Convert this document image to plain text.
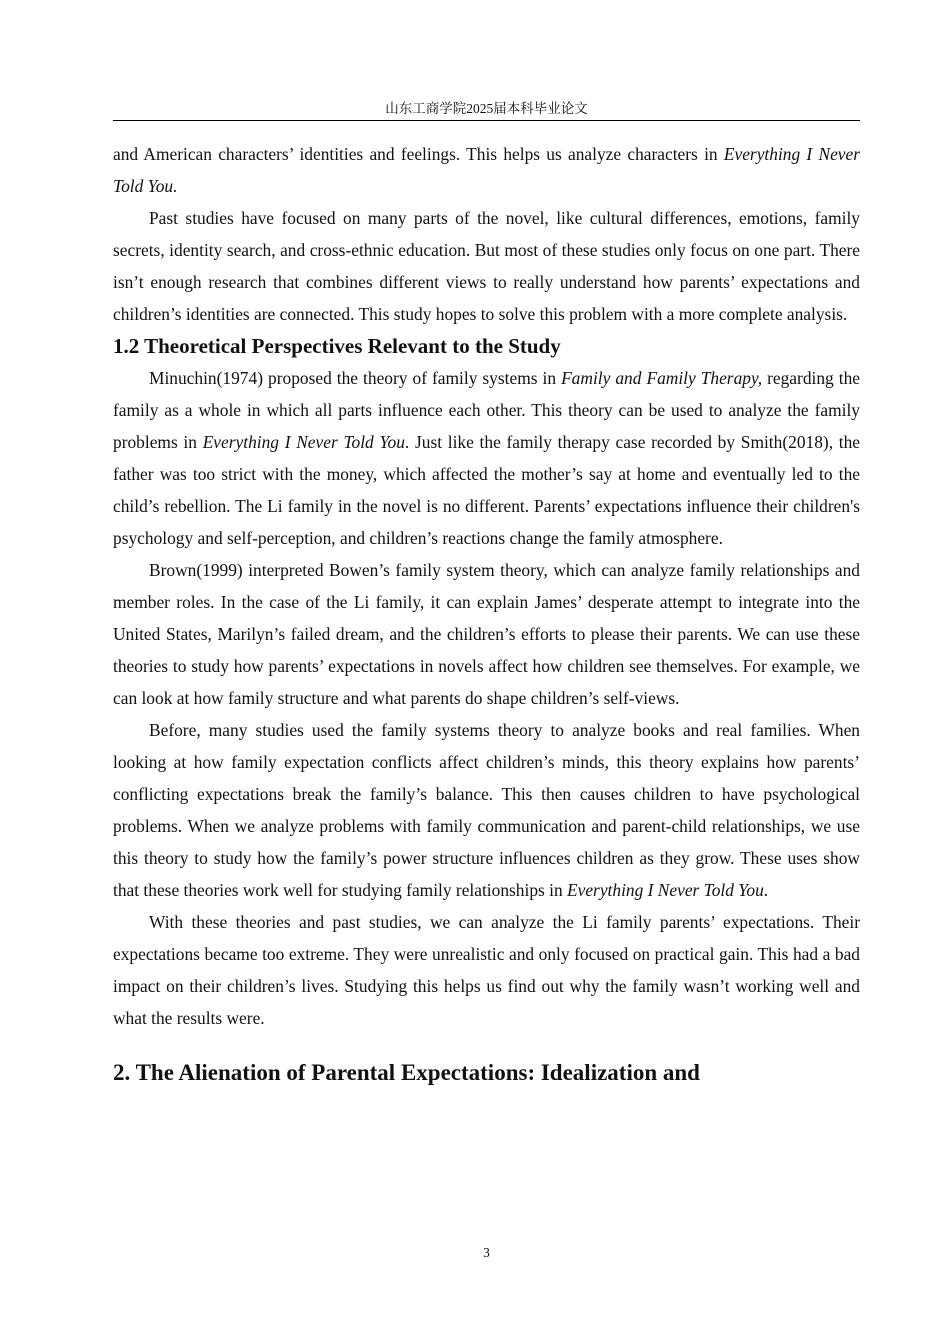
山东工商学院2025届本科毕业论文

and American characters’ identities and feelings. This helps us analyze characters in Everything I Never Told You.

Past studies have focused on many parts of the novel, like cultural differences, emotions, family secrets, identity search, and cross-ethnic education. But most of these studies only focus on one part. There isn’t enough research that combines different views to really understand how parents’ expectations and children’s identities are connected. This study hopes to solve this problem with a more complete analysis.

1.2 Theoretical Perspectives Relevant to the Study

Minuchin(1974) proposed the theory of family systems in Family and Family Therapy, regarding the family as a whole in which all parts influence each other. This theory can be used to analyze the family problems in Everything I Never Told You. Just like the family therapy case recorded by Smith(2018), the father was too strict with the money, which affected the mother’s say at home and eventually led to the child’s rebellion. The Li family in the novel is no different. Parents’ expectations influence their children's psychology and self-perception, and children’s reactions change the family atmosphere.

Brown(1999) interpreted Bowen’s family system theory, which can analyze family relationships and member roles. In the case of the Li family, it can explain James’ desperate attempt to integrate into the United States, Marilyn’s failed dream, and the children’s efforts to please their parents. We can use these theories to study how parents’ expectations in novels affect how children see themselves. For example, we can look at how family structure and what parents do shape children’s self-views.

Before, many studies used the family systems theory to analyze books and real families. When looking at how family expectation conflicts affect children’s minds, this theory explains how parents’ conflicting expectations break the family’s balance. This then causes children to have psychological problems. When we analyze problems with family communication and parent-child relationships, we use this theory to study how the family’s power structure influences children as they grow. These uses show that these theories work well for studying family relationships in Everything I Never Told You.

With these theories and past studies, we can analyze the Li family parents’ expectations. Their expectations became too extreme. They were unrealistic and only focused on practical gain. This had a bad impact on their children’s lives. Studying this helps us find out why the family wasn’t working well and what the results were.

2. The Alienation of Parental Expectations: Idealization and
3
